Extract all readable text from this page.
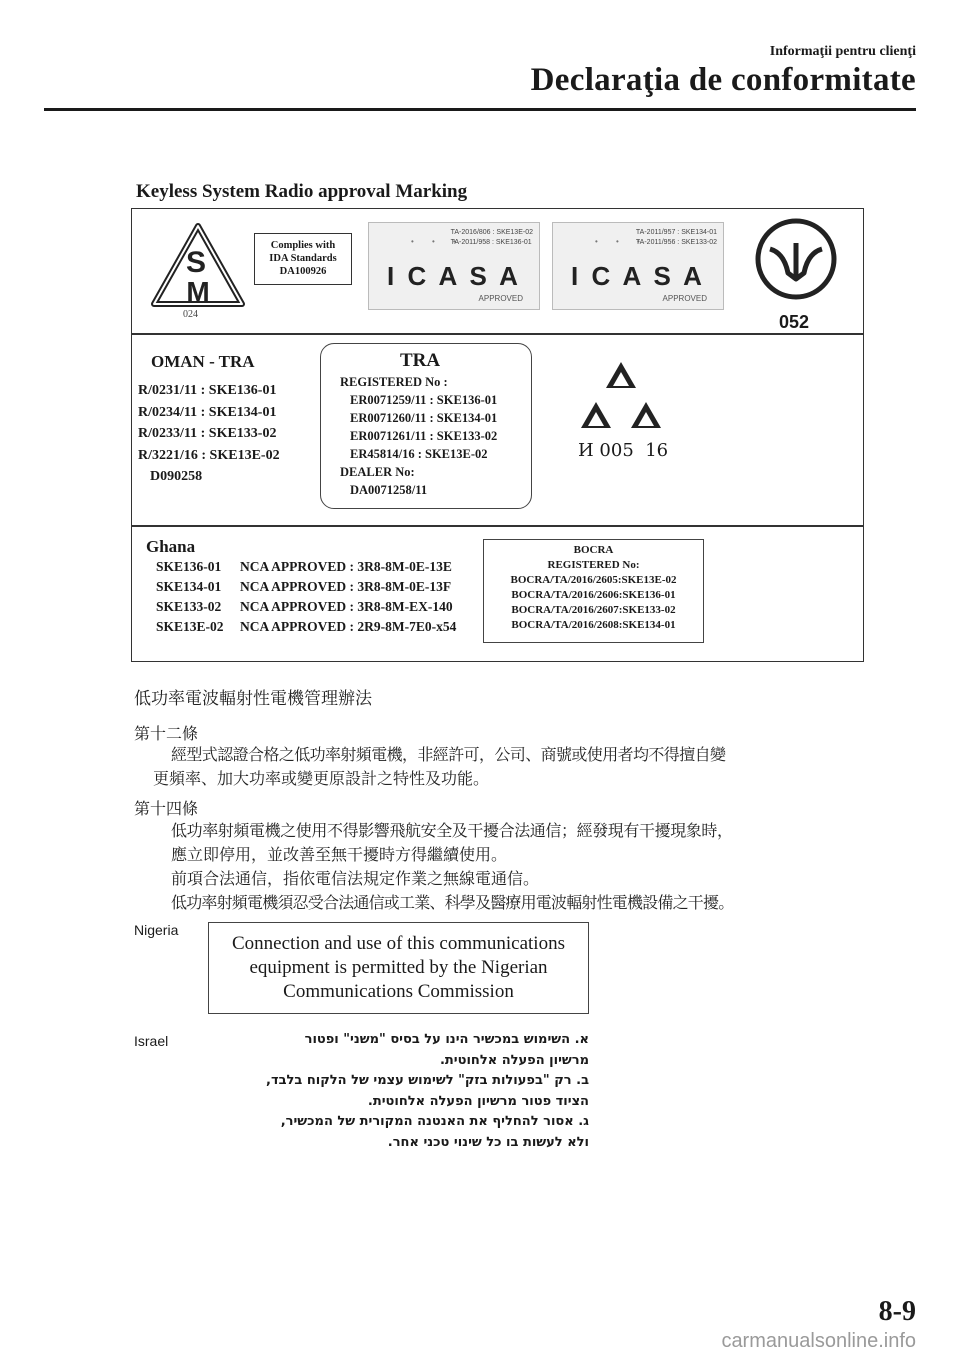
Informaţii pentru clienţi
Declaraţia de conformitate
Keyless System Radio approval Marking
S
M
024
Complies with
IDA Standards
DA100926
• • •
TA-2016/806 : SKE13E-02
TA-2011/958 : SKE136-01
I C A S A
APPROVED
• • •
TA-2011/957 : SKE134-01
TA-2011/956 : SKE133-02
I C A S A
APPROVED
052
OMAN - TRA
R/0231/11 : SKE136-01
R/0234/11 : SKE134-01
R/0233/11 : SKE133-02
R/3221/16 : SKE13E-02
D090258
TRA
REGISTERED No :
ER0071259/11 : SKE136-01
ER0071260/11 : SKE134-01
ER0071261/11 : SKE133-02
ER45814/16 : SKE13E-02
DEALER No:
DA0071258/11
И 005  16
Ghana
SKE136-01 NCA APPROVED : 3R8-8M-0E-13E
SKE134-01 NCA APPROVED : 3R8-8M-0E-13F
SKE133-02 NCA APPROVED : 3R8-8M-EX-140
SKE13E-02 NCA APPROVED : 2R9-8M-7E0-x54
BOCRA
REGISTERED No:
BOCRA/TA/2016/2605:SKE13E-02
BOCRA/TA/2016/2606:SKE136-01
BOCRA/TA/2016/2607:SKE133-02
BOCRA/TA/2016/2608:SKE134-01
低功率電波輻射性電機管理辦法
第十二條
經型式認證合格之低功率射頻電機，非經許可，公司、商號或使用者均不得擅自變
更頻率、加大功率或變更原設計之特性及功能。
第十四條
低功率射頻電機之使用不得影響飛航安全及干擾合法通信；經發現有干擾現象時，
應立即停用，並改善至無干擾時方得繼續使用。
前項合法通信，指依電信法規定作業之無線電通信。
低功率射頻電機須忍受合法通信或工業、科學及醫療用電波輻射性電機設備之干擾。
Nigeria
Connection and use of this communications
equipment is permitted by the Nigerian
Communications Commission
Israel	א. השימוש במכשיר הינו על בסיס "משני" ופטור
מרשיון הפעלה אלחוטית.
ב. רק "בפעולות בזק" לשימוש עצמי של הלקוח בלבד,
הציוד פטור מרשיון הפעלה אלחוטית.
ג. אסור להחליף את האנטנה המקורית של המכשיר,
ולא לעשות בו כל שינוי טכני אחר.
8-9
carmanualsonline.info
